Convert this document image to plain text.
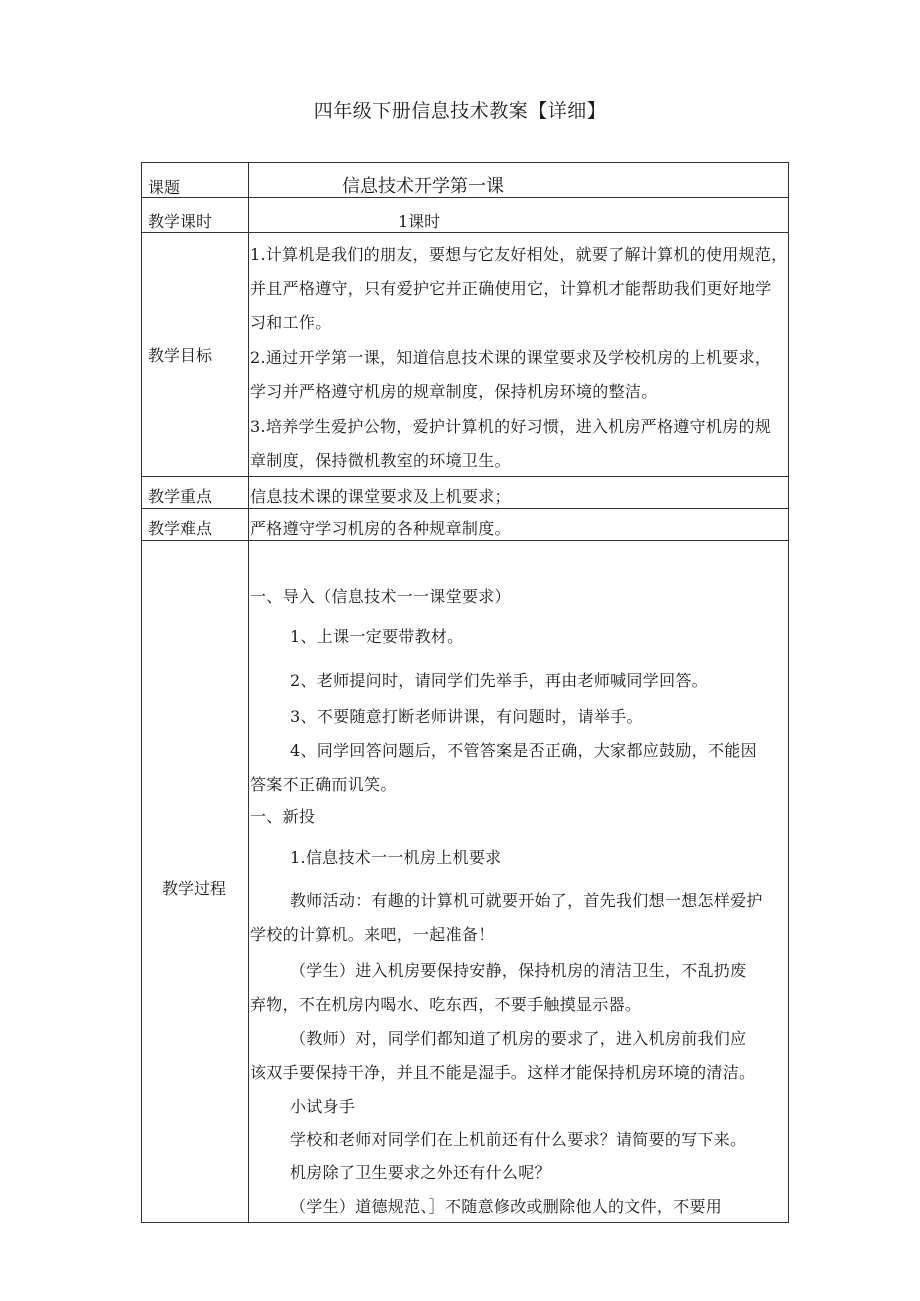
四年级下册信息技术教案【详细】
课题	信息技术开学第一课
教学课时	1课时
教学目标
1.计算机是我们的朋友，要想与它友好相处，就要了解计算机的使用规范，
并且严格遵守，只有爱护它并正确使用它，计算机才能帮助我们更好地学
习和工作。
2.通过开学第一课，知道信息技术课的课堂要求及学校机房的上机要求，
学习并严格遵守机房的规章制度，保持机房环境的整洁。
3.培养学生爱护公物，爱护计算机的好习惯，进入机房严格遵守机房的规
章制度，保持微机教室的环境卫生。
教学重点 信息技术课的课堂要求及上机要求；
教学难点 严格遵守学习机房的各种规章制度。
教学过程
一、导入（信息技术一一课堂要求）
1、上课一定要带教材。
2、老师提问时，请同学们先举手，再由老师喊同学回答。
3、不要随意打断老师讲课，有问题时，请举手。
4、同学回答问题后，不管答案是否正确，大家都应鼓励，不能因
答案不正确而讥笑。
一、新投
1.信息技术一一机房上机要求
教师活动：有趣的计算机可就要开始了，首先我们想一想怎样爱护
学校的计算机。来吧，一起准备！
（学生）进入机房要保持安静，保持机房的清洁卫生，不乱扔废
弃物，不在机房内喝水、吃东西，不要手触摸显示器。
（教师）对，同学们都知道了机房的要求了，进入机房前我们应
该双手要保持干净，并且不能是湿手。这样才能保持机房环境的清洁。
小试身手
学校和老师对同学们在上机前还有什么要求？请简要的写下来。
机房除了卫生要求之外还有什么呢？
（学生）道德规范、］不随意修改或删除他人的文件，不要用
